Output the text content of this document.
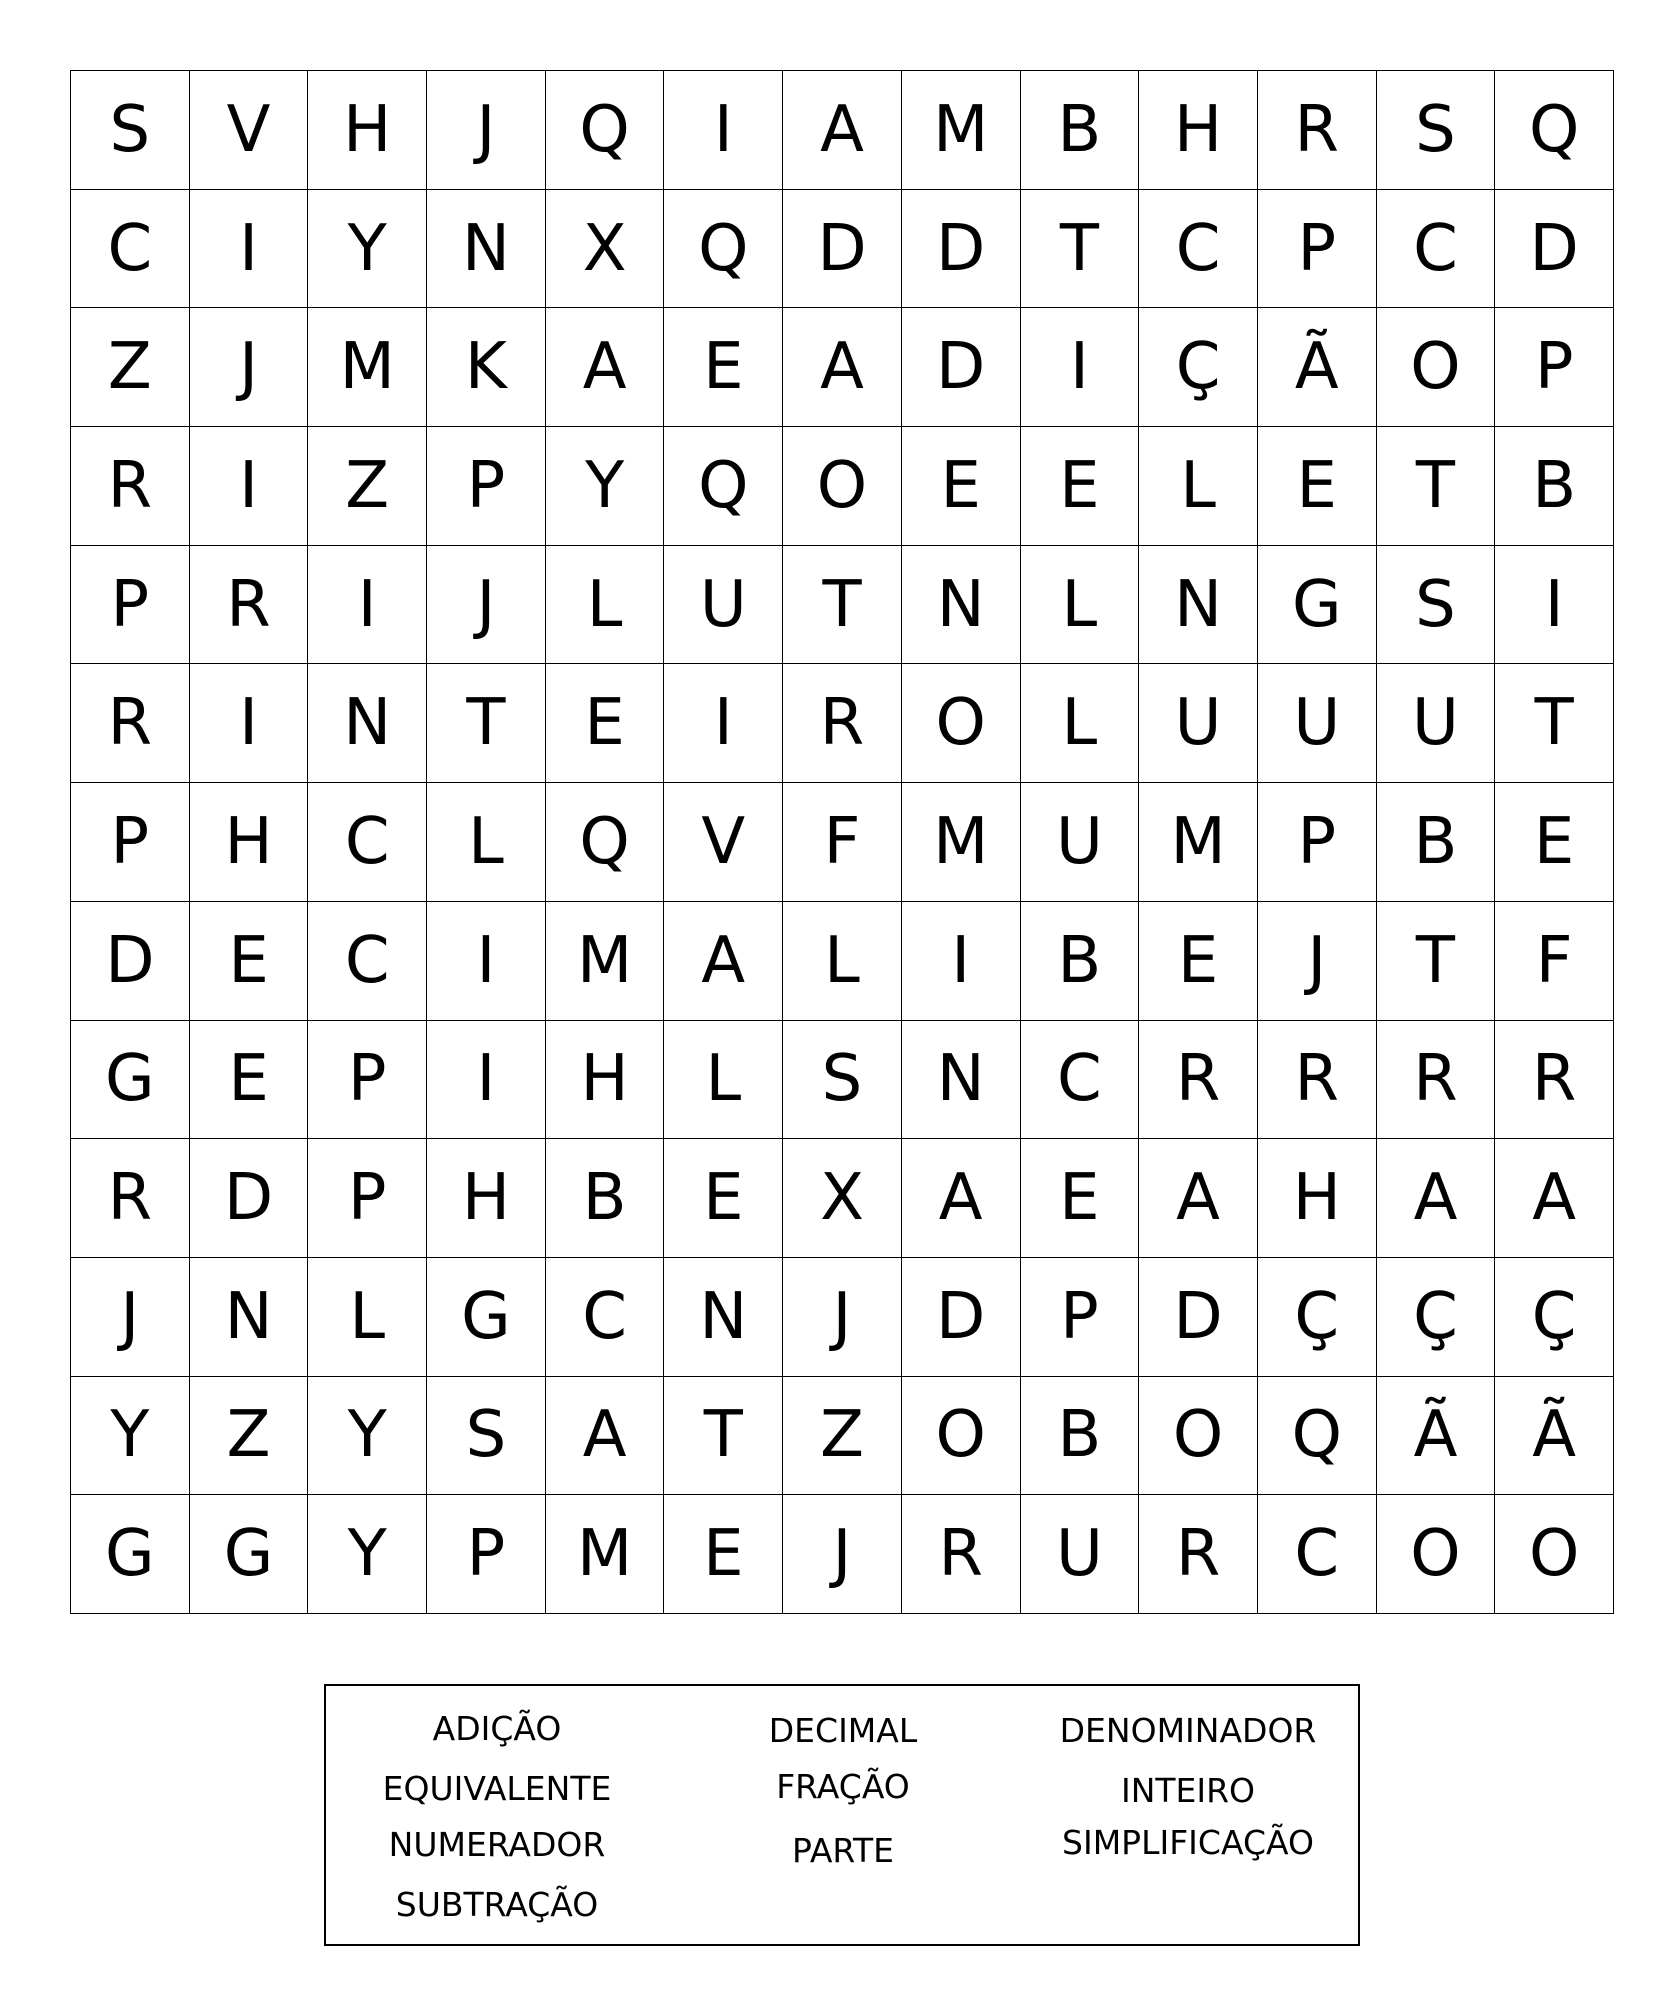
S	V	H	J	Q	I	A	M	B	H	R	S	Q
C	I	Y	N	X	Q	D	D	T	C	P	C	D
Z	J	M	K	A	E	A	D	I	Ç	Ã	O	P
R	I	Z	P	Y	Q	O	E	E	L	E	T	B
P	R	I	J	L	U	T	N	L	N	G	S	I
R	I	N	T	E	I	R	O	L	U	U	U	T
P	H	C	L	Q	V	F	M	U	M	P	B	E
D	E	C	I	M	A	L	I	B	E	J	T	F
G	E	P	I	H	L	S	N	C	R	R	R	R
R	D	P	H	B	E	X	A	E	A	H	A	A
J	N	L	G	C	N	J	D	P	D	Ç	Ç	Ç
Y	Z	Y	S	A	T	Z	O	B	O	Q	Ã	Ã
G	G	Y	P	M	E	J	R	U	R	C	O	O
ADIÇÃO
EQUIVALENTE
NUMERADOR
SUBTRAÇÃO
DECIMAL
FRAÇÃO
PARTE
DENOMINADOR
INTEIRO
SIMPLIFICAÇÃO
